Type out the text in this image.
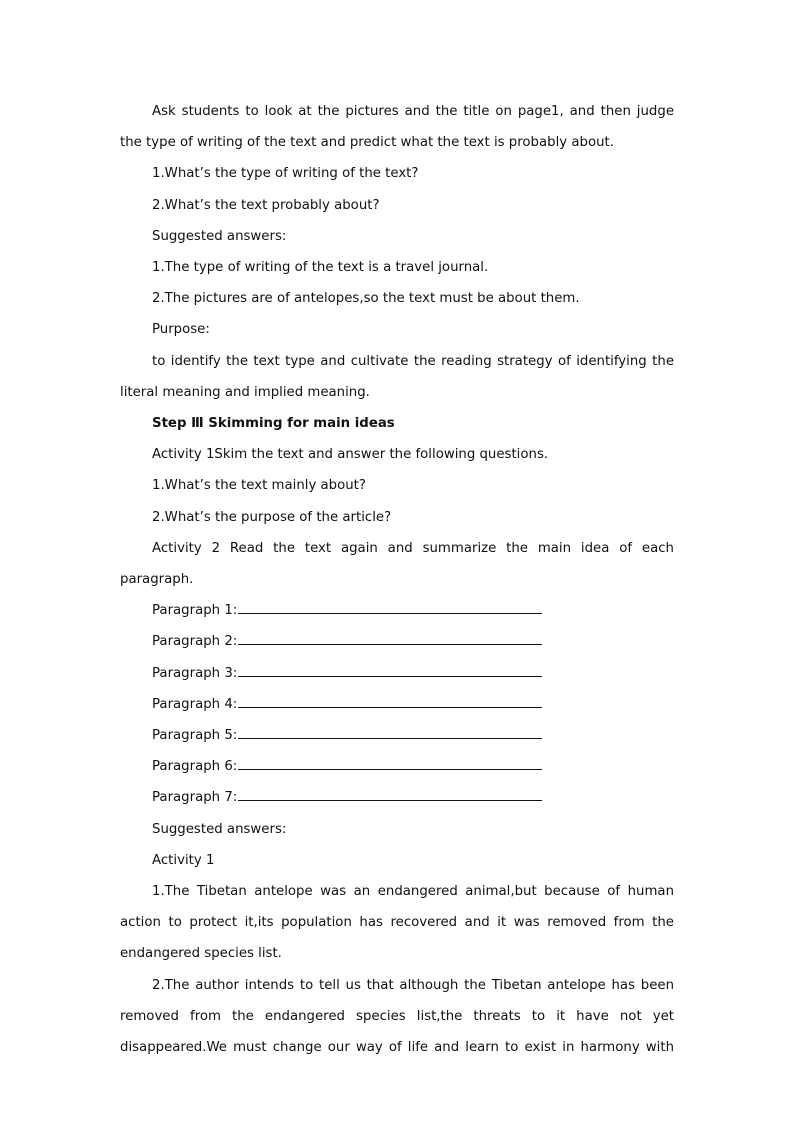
Ask students to look at the pictures and the title on page1, and then judge the type of writing of the text and predict what the text is probably about.

1.What’s the type of writing of the text?

2.What’s the text probably about?

Suggested answers:

1.The type of writing of the text is a travel journal.

2.The pictures are of antelopes,so the text must be about them.

Purpose:

to identify the text type and cultivate the reading strategy of identifying the literal meaning and implied meaning.

Step Ⅲ Skimming for main ideas

Activity 1Skim the text and answer the following questions.

1.What’s the text mainly about?

2.What’s the purpose of the article?

Activity 2 Read the text again and summarize the main idea of each paragraph.

Paragraph 1:
Paragraph 2:
Paragraph 3:
Paragraph 4:
Paragraph 5:
Paragraph 6:
Paragraph 7:

Suggested answers:

Activity 1

1.The Tibetan antelope was an endangered animal,but because of human action to protect it,its population has recovered and it was removed from the endangered species list.

2.The author intends to tell us that although the Tibetan antelope has been removed from the endangered species list,the threats to it have not yet disappeared.We must change our way of life and learn to exist in harmony with
